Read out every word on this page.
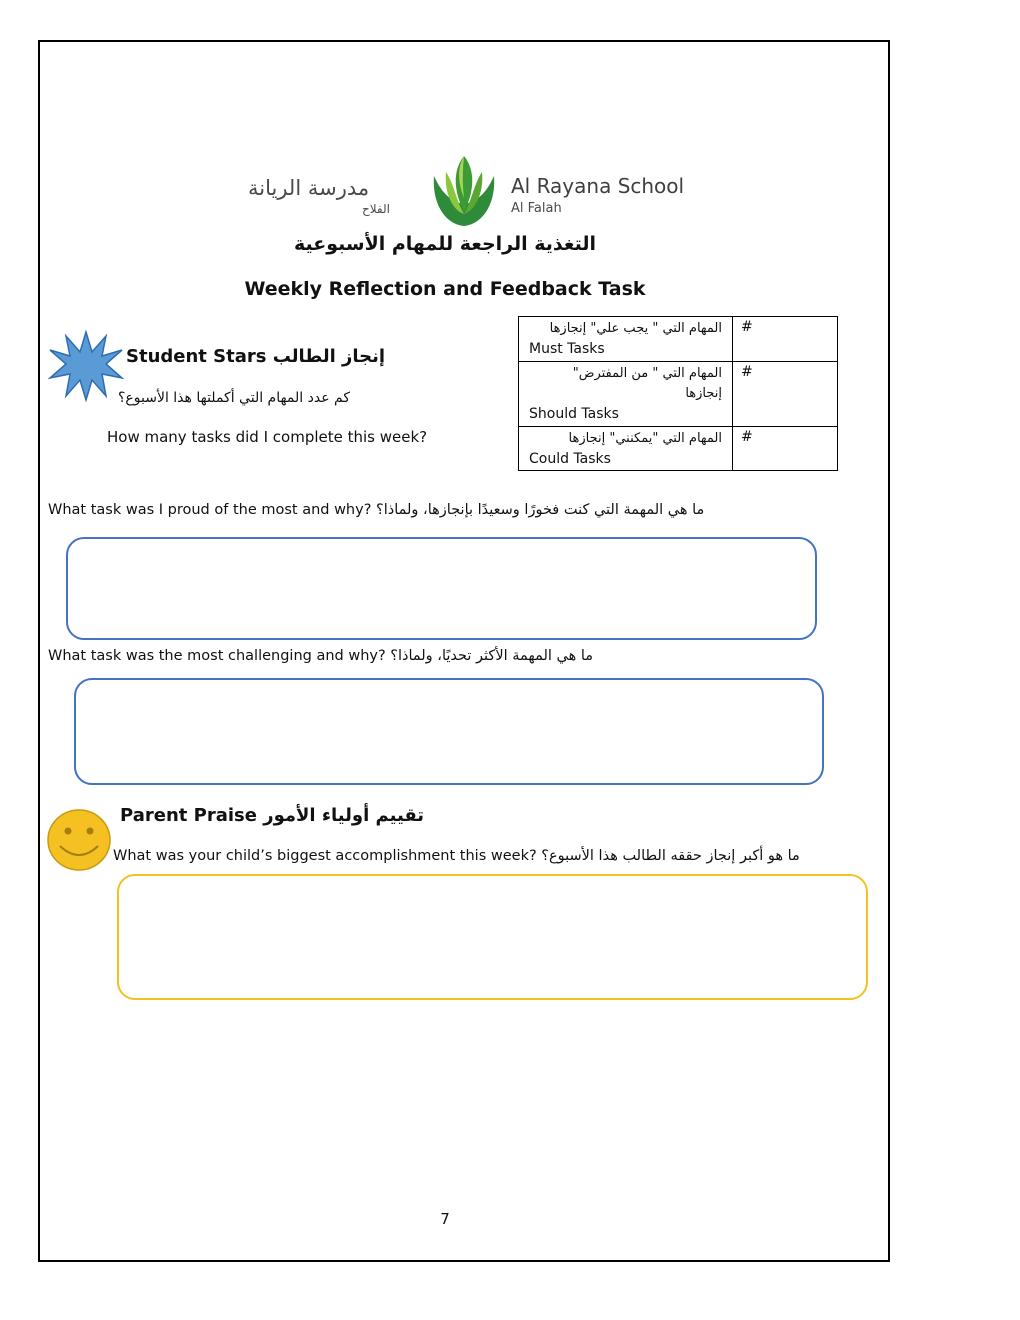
مدرسة الريانة
الفلاح
Al Rayana School
Al Falah
التغذية الراجعة للمهام الأسبوعية
Weekly Reflection and Feedback Task
Student Stars إنجاز الطالب
كم عدد المهام التي أكملتها هذا الأسبوع؟
How many tasks did I complete this week?
المهام التي " يجب علي" إنجازها
Must Tasks	#

المهام التي " من المفترض"
إنجازها
Should Tasks	#

المهام التي "يمكنني" إنجازها
Could Tasks	#
What task was I proud of the most and why? ما هي المهمة التي كنت فخورًا وسعيدًا بإنجازها، ولماذا؟
What task was the most challenging and why? ما هي المهمة الأكثر تحديًا، ولماذا؟
Parent Praise تقييم أولياء الأمور
What was your child’s biggest accomplishment this week? ما هو أكبر إنجاز حققه الطالب هذا الأسبوع؟
7
